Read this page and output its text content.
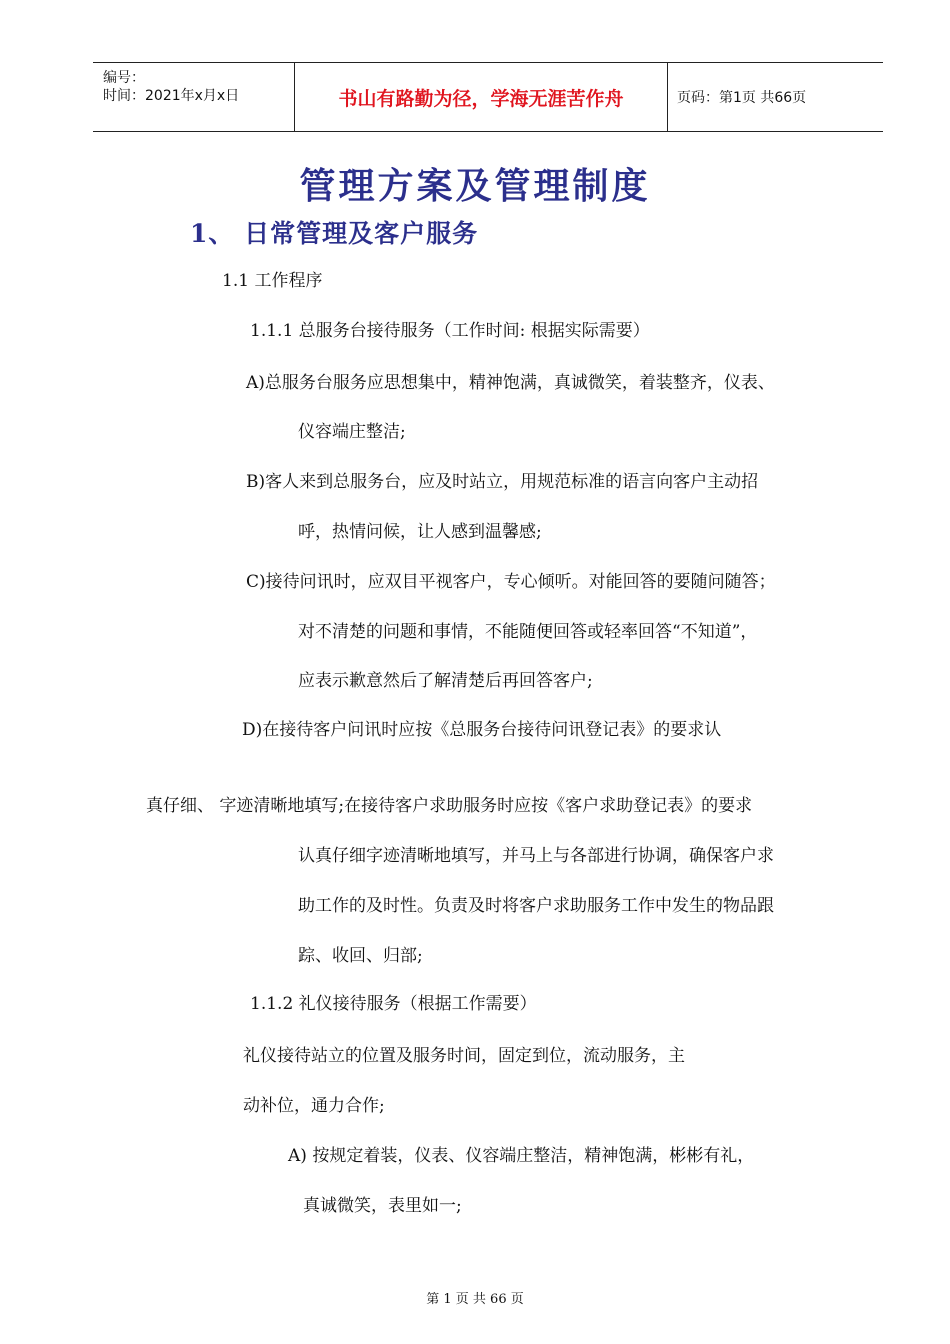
编号：
时间：2021年x月x日	书山有路勤为径，学海无涯苦作舟	页码：第1页 共66页
管理方案及管理制度
1、 日常管理及客户服务
1.1 工作程序
1.1.1 总服务台接待服务（工作时间: 根据实际需要）
A)总服务台服务应思想集中，精神饱满，真诚微笑，着装整齐，仪表、
仪容端庄整洁;
B)客人来到总服务台，应及时站立，用规范标准的语言向客户主动招
呼，热情问候，让人感到温馨感;
C)接待问讯时，应双目平视客户，专心倾听。对能回答的要随问随答；
对不清楚的问题和事情，不能随便回答或轻率回答“不知道”，
应表示歉意然后了解清楚后再回答客户;
D)在接待客户问讯时应按《总服务台接待问讯登记表》的要求认
真仔细、 字迹清晰地填写;在接待客户求助服务时应按《客户求助登记表》的要求
认真仔细字迹清晰地填写，并马上与各部进行协调，确保客户求
助工作的及时性。负责及时将客户求助服务工作中发生的物品跟
踪、收回、归部;
1.1.2 礼仪接待服务（根据工作需要）
礼仪接待站立的位置及服务时间，固定到位，流动服务，主
动补位，通力合作;
A) 按规定着装，仪表、仪容端庄整洁，精神饱满，彬彬有礼，
真诚微笑，表里如一;
第 1 页 共 66 页
